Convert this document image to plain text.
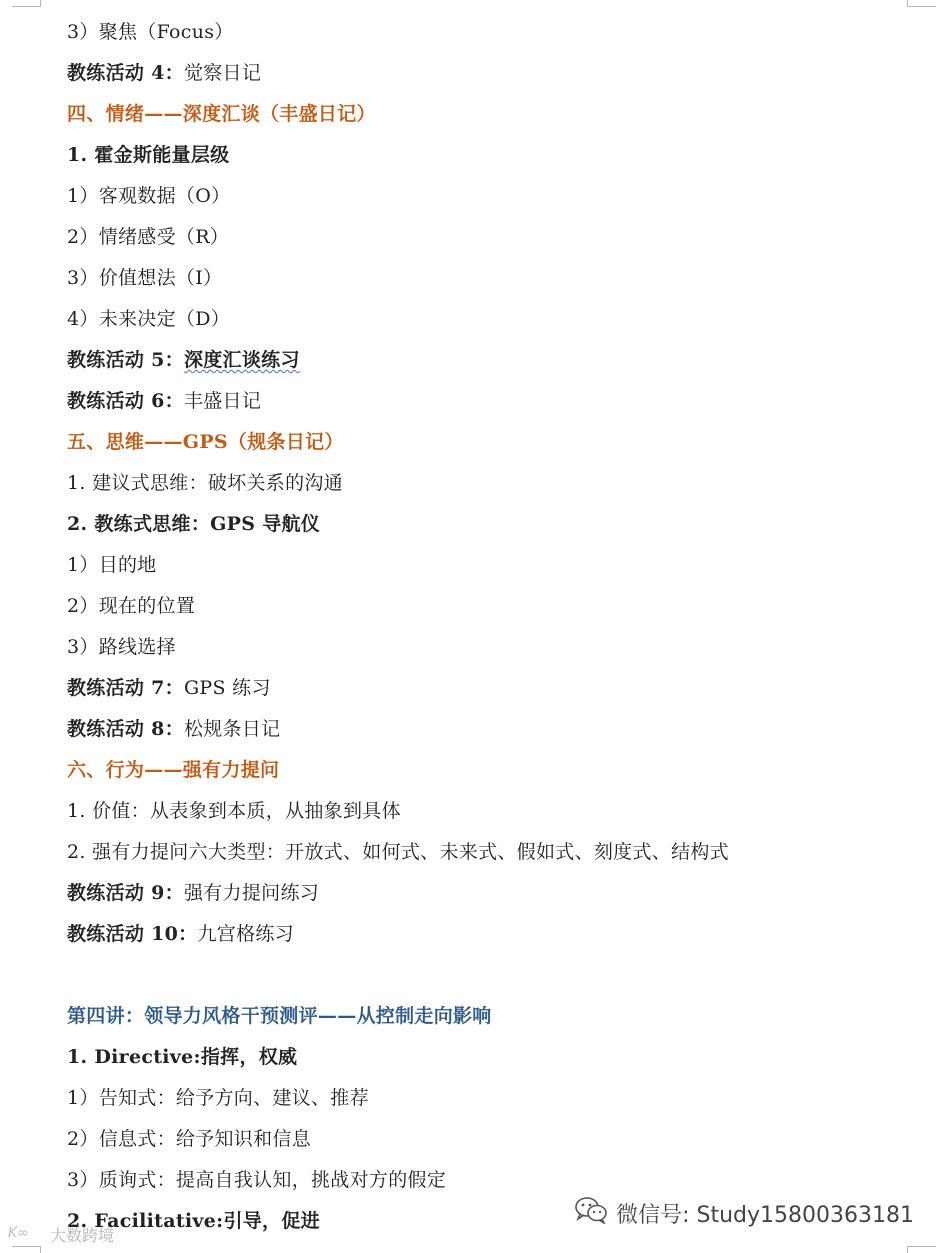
3）聚焦（Focus）
教练活动 4：觉察日记
四、情绪——深度汇谈（丰盛日记）
1. 霍金斯能量层级
1）客观数据（O）
2）情绪感受（R）
3）价值想法（I）
4）未来决定（D）
教练活动 5：深度汇谈练习
教练活动 6：丰盛日记
五、思维——GPS（规条日记）
1. 建议式思维：破坏关系的沟通
2. 教练式思维：GPS 导航仪
1）目的地
2）现在的位置
3）路线选择
教练活动 7：GPS 练习
教练活动 8：松规条日记
六、行为——强有力提问
1. 价值：从表象到本质，从抽象到具体
2. 强有力提问六大类型：开放式、如何式、未来式、假如式、刻度式、结构式
教练活动 9：强有力提问练习
教练活动 10：九宫格练习
第四讲：领导力风格干预测评——从控制走向影响
1. Directive:指挥，权威
1）告知式：给予方向、建议、推荐
2）信息式：给予知识和信息
3）质询式：提高自我认知，挑战对方的假定
2. Facilitative:引导，促进	微信号: Study15800363181
K∞ 大数跨境
